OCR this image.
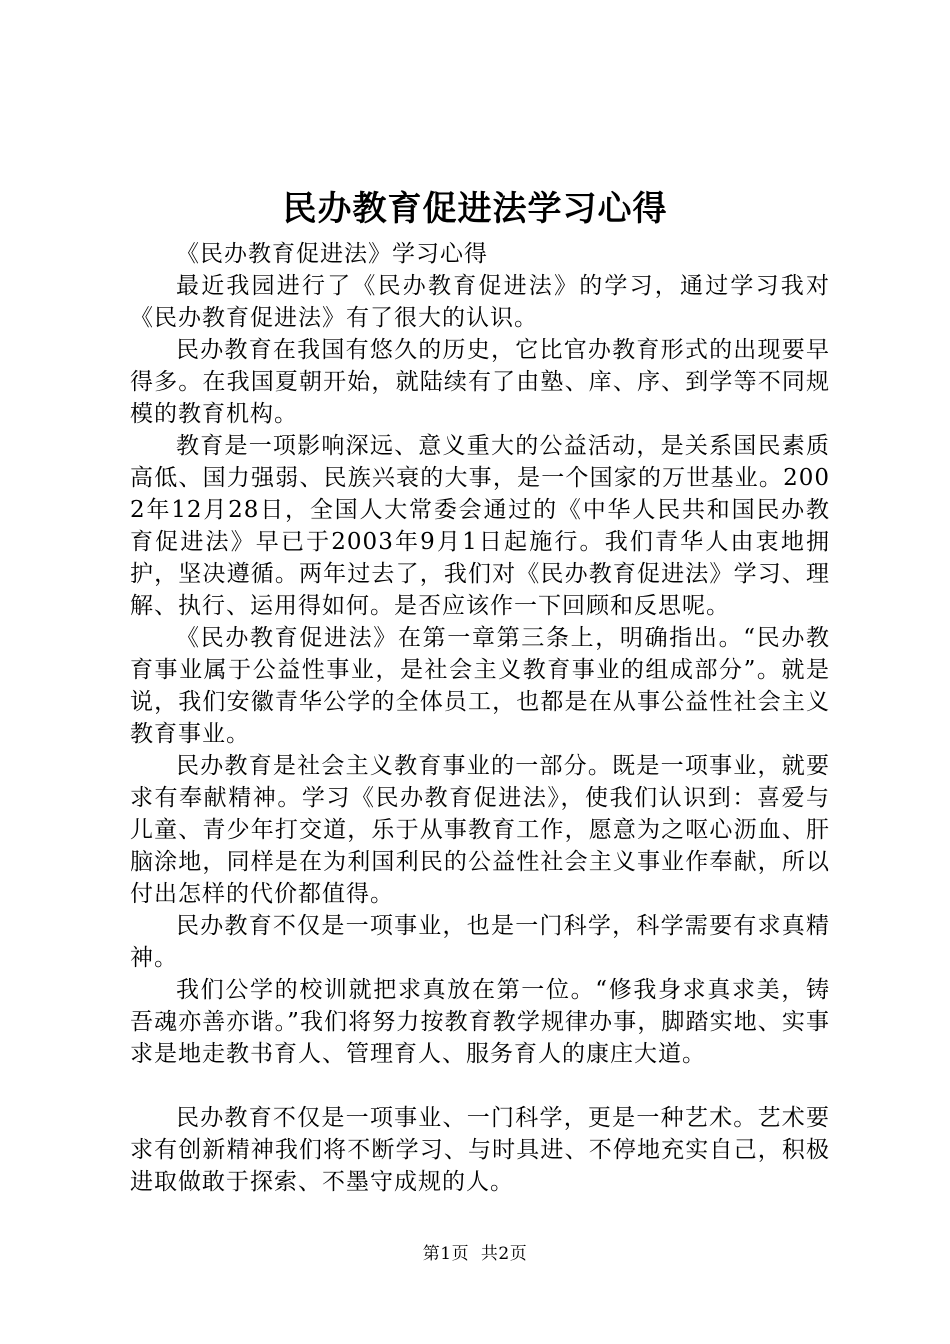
民办教育促进法学习心得

《民办教育促进法》学习心得

最近我园进行了《民办教育促进法》的学习，通过学习我对《民办教育促进法》有了很大的认识。

民办教育在我国有悠久的历史，它比官办教育形式的出现要早得多。在我国夏朝开始，就陆续有了由塾、庠、序、到学等不同规模的教育机构。

教育是一项影响深远、意义重大的公益活动，是关系国民素质高低、国力强弱、民族兴衰的大事，是一个国家的万世基业。2002年12月28日，全国人大常委会通过的《中华人民共和国民办教育促进法》早已于2003年9月1日起施行。我们青华人由衷地拥护，坚决遵循。两年过去了，我们对《民办教育促进法》学习、理解、执行、运用得如何。是否应该作一下回顾和反思呢。

《民办教育促进法》在第一章第三条上，明确指出。“民办教育事业属于公益性事业，是社会主义教育事业的组成部分”。就是说，我们安徽青华公学的全体员工，也都是在从事公益性社会主义教育事业。

民办教育是社会主义教育事业的一部分。既是一项事业，就要求有奉献精神。学习《民办教育促进法》，使我们认识到：喜爱与儿童、青少年打交道，乐于从事教育工作，愿意为之呕心沥血、肝脑涂地，同样是在为利国利民的公益性社会主义事业作奉献，所以付出怎样的代价都值得。

民办教育不仅是一项事业，也是一门科学，科学需要有求真精神。

我们公学的校训就把求真放在第一位。“修我身求真求美，铸吾魂亦善亦谐。”我们将努力按教育教学规律办事，脚踏实地、实事求是地走教书育人、管理育人、服务育人的康庄大道。

民办教育不仅是一项事业、一门科学，更是一种艺术。艺术要求有创新精神我们将不断学习、与时具进、不停地充实自己，积极进取做敢于探索、不墨守成规的人。

第1页  共2页
